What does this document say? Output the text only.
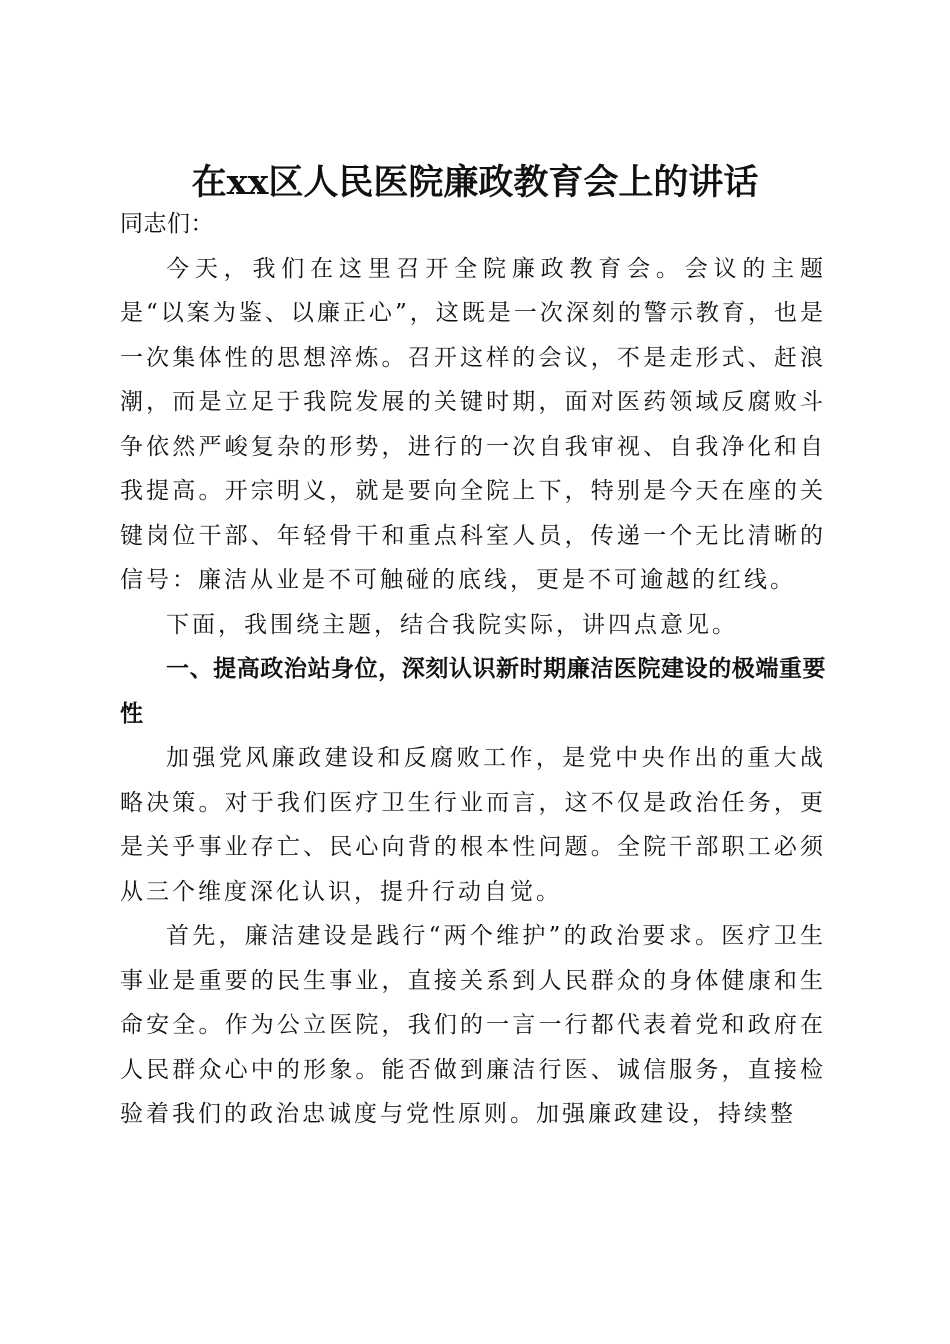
在xx区人民医院廉政教育会上的讲话

同志们：

今天，我们在这里召开全院廉政教育会。会议的主题是“以案为鉴、以廉正心”，这既是一次深刻的警示教育，也是一次集体性的思想淬炼。召开这样的会议，不是走形式、赶浪潮，而是立足于我院发展的关键时期，面对医药领域反腐败斗争依然严峻复杂的形势，进行的一次自我审视、自我净化和自我提高。开宗明义，就是要向全院上下，特别是今天在座的关键岗位干部、年轻骨干和重点科室人员，传递一个无比清晰的信号：廉洁从业是不可触碰的底线，更是不可逾越的红线。

下面，我围绕主题，结合我院实际，讲四点意见。

一、提高政治站身位，深刻认识新时期廉洁医院建设的极端重要性

加强党风廉政建设和反腐败工作，是党中央作出的重大战略决策。对于我们医疗卫生行业而言，这不仅是政治任务，更是关乎事业存亡、民心向背的根本性问题。全院干部职工必须从三个维度深化认识，提升行动自觉。

首先，廉洁建设是践行“两个维护”的政治要求。医疗卫生事业是重要的民生事业，直接关系到人民群众的身体健康和生命安全。作为公立医院，我们的一言一行都代表着党和政府在人民群众心中的形象。能否做到廉洁行医、诚信服务，直接检验着我们的政治忠诚度与党性原则。加强廉政建设，持续整
